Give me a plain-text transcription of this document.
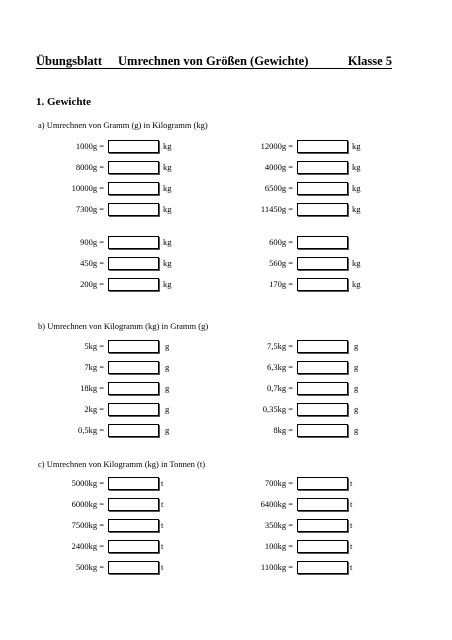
Übungsblatt Umrechnen von Größen (Gewichte)	Klasse 5
1. Gewichte
a) Umrechnen von Gramm (g) in Kilogramm (kg)
1000g =	kg	12000g =	kg
8000g =	kg	4000g =	kg
10000g =	kg	6500g =	kg
7300g =	kg	11450g =	kg
900g =	kg	600g =
450g =	kg	560g =	kg
200g =	kg	170g =	kg
b) Umrechnen von Kilogramm (kg) in Gramm (g)
5kg =	g	7,5kg =	g
7kg =	g	6,3kg =	g
18kg =	g	0,7kg =	g
2kg =	g	0,35kg =	g
0,5kg =	g	8kg =	g
c) Umrechnen von Kilogramm (kg) in Tonnen (t)
5000kg =	t	700kg =	t
6000kg =	t	6400kg =	t
7500kg =	t	350kg =	t
2400kg =	t	100kg =	t
500kg =	t	1100kg =	t
